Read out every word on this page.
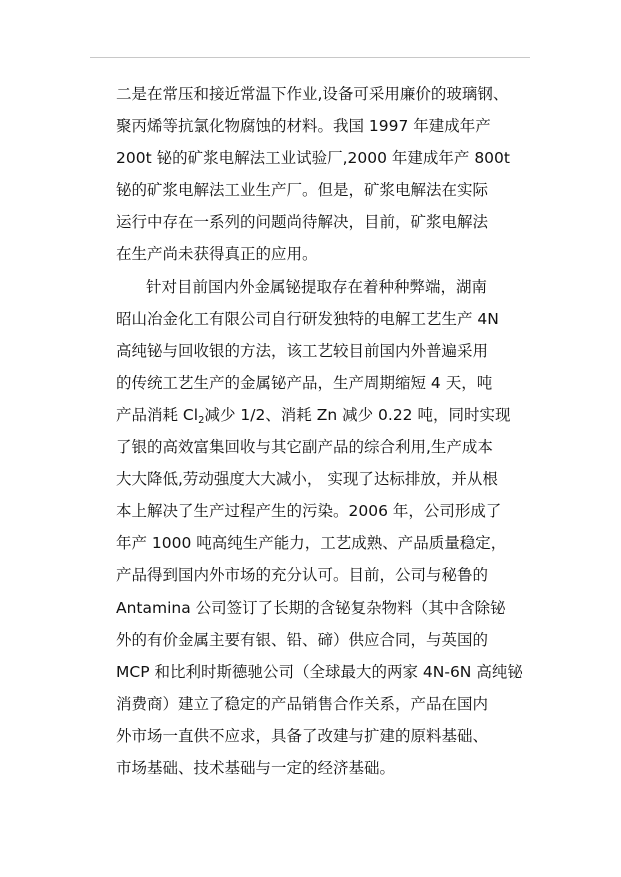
二是在常压和接近常温下作业,设备可采用廉价的玻璃钢、
聚丙烯等抗氯化物腐蚀的材料。我国 1997 年建成年产
200t 铋的矿浆电解法工业试验厂,2000 年建成年产 800t
铋的矿浆电解法工业生产厂。但是，矿浆电解法在实际
运行中存在一系列的问题尚待解决，目前，矿浆电解法
在生产尚未获得真正的应用。
针对目前国内外金属铋提取存在着种种弊端，湖南
昭山冶金化工有限公司自行研发独特的电解工艺生产 4N
高纯铋与回收银的方法，该工艺较目前国内外普遍采用
的传统工艺生产的金属铋产品，生产周期缩短 4 天，吨
产品消耗 $Cl_2$减少 1/2、消耗 Zn 减少 0.22 吨，同时实现
了银的高效富集回收与其它副产品的综合利用,生产成本
大大降低,劳动强度大大减小， 实现了达标排放，并从根
本上解决了生产过程产生的污染。2006 年，公司形成了
年产 1000 吨高纯生产能力，工艺成熟、产品质量稳定，
产品得到国内外市场的充分认可。目前，公司与秘鲁的
Antamina 公司签订了长期的含铋复杂物料（其中含除铋
外的有价金属主要有银、铅、碲）供应合同，与英国的
MCP 和比利时斯德驰公司（全球最大的两家 4N-6N 高纯铋
消费商）建立了稳定的产品销售合作关系，产品在国内
外市场一直供不应求，具备了改建与扩建的原料基础、
市场基础、技术基础与一定的经济基础。
